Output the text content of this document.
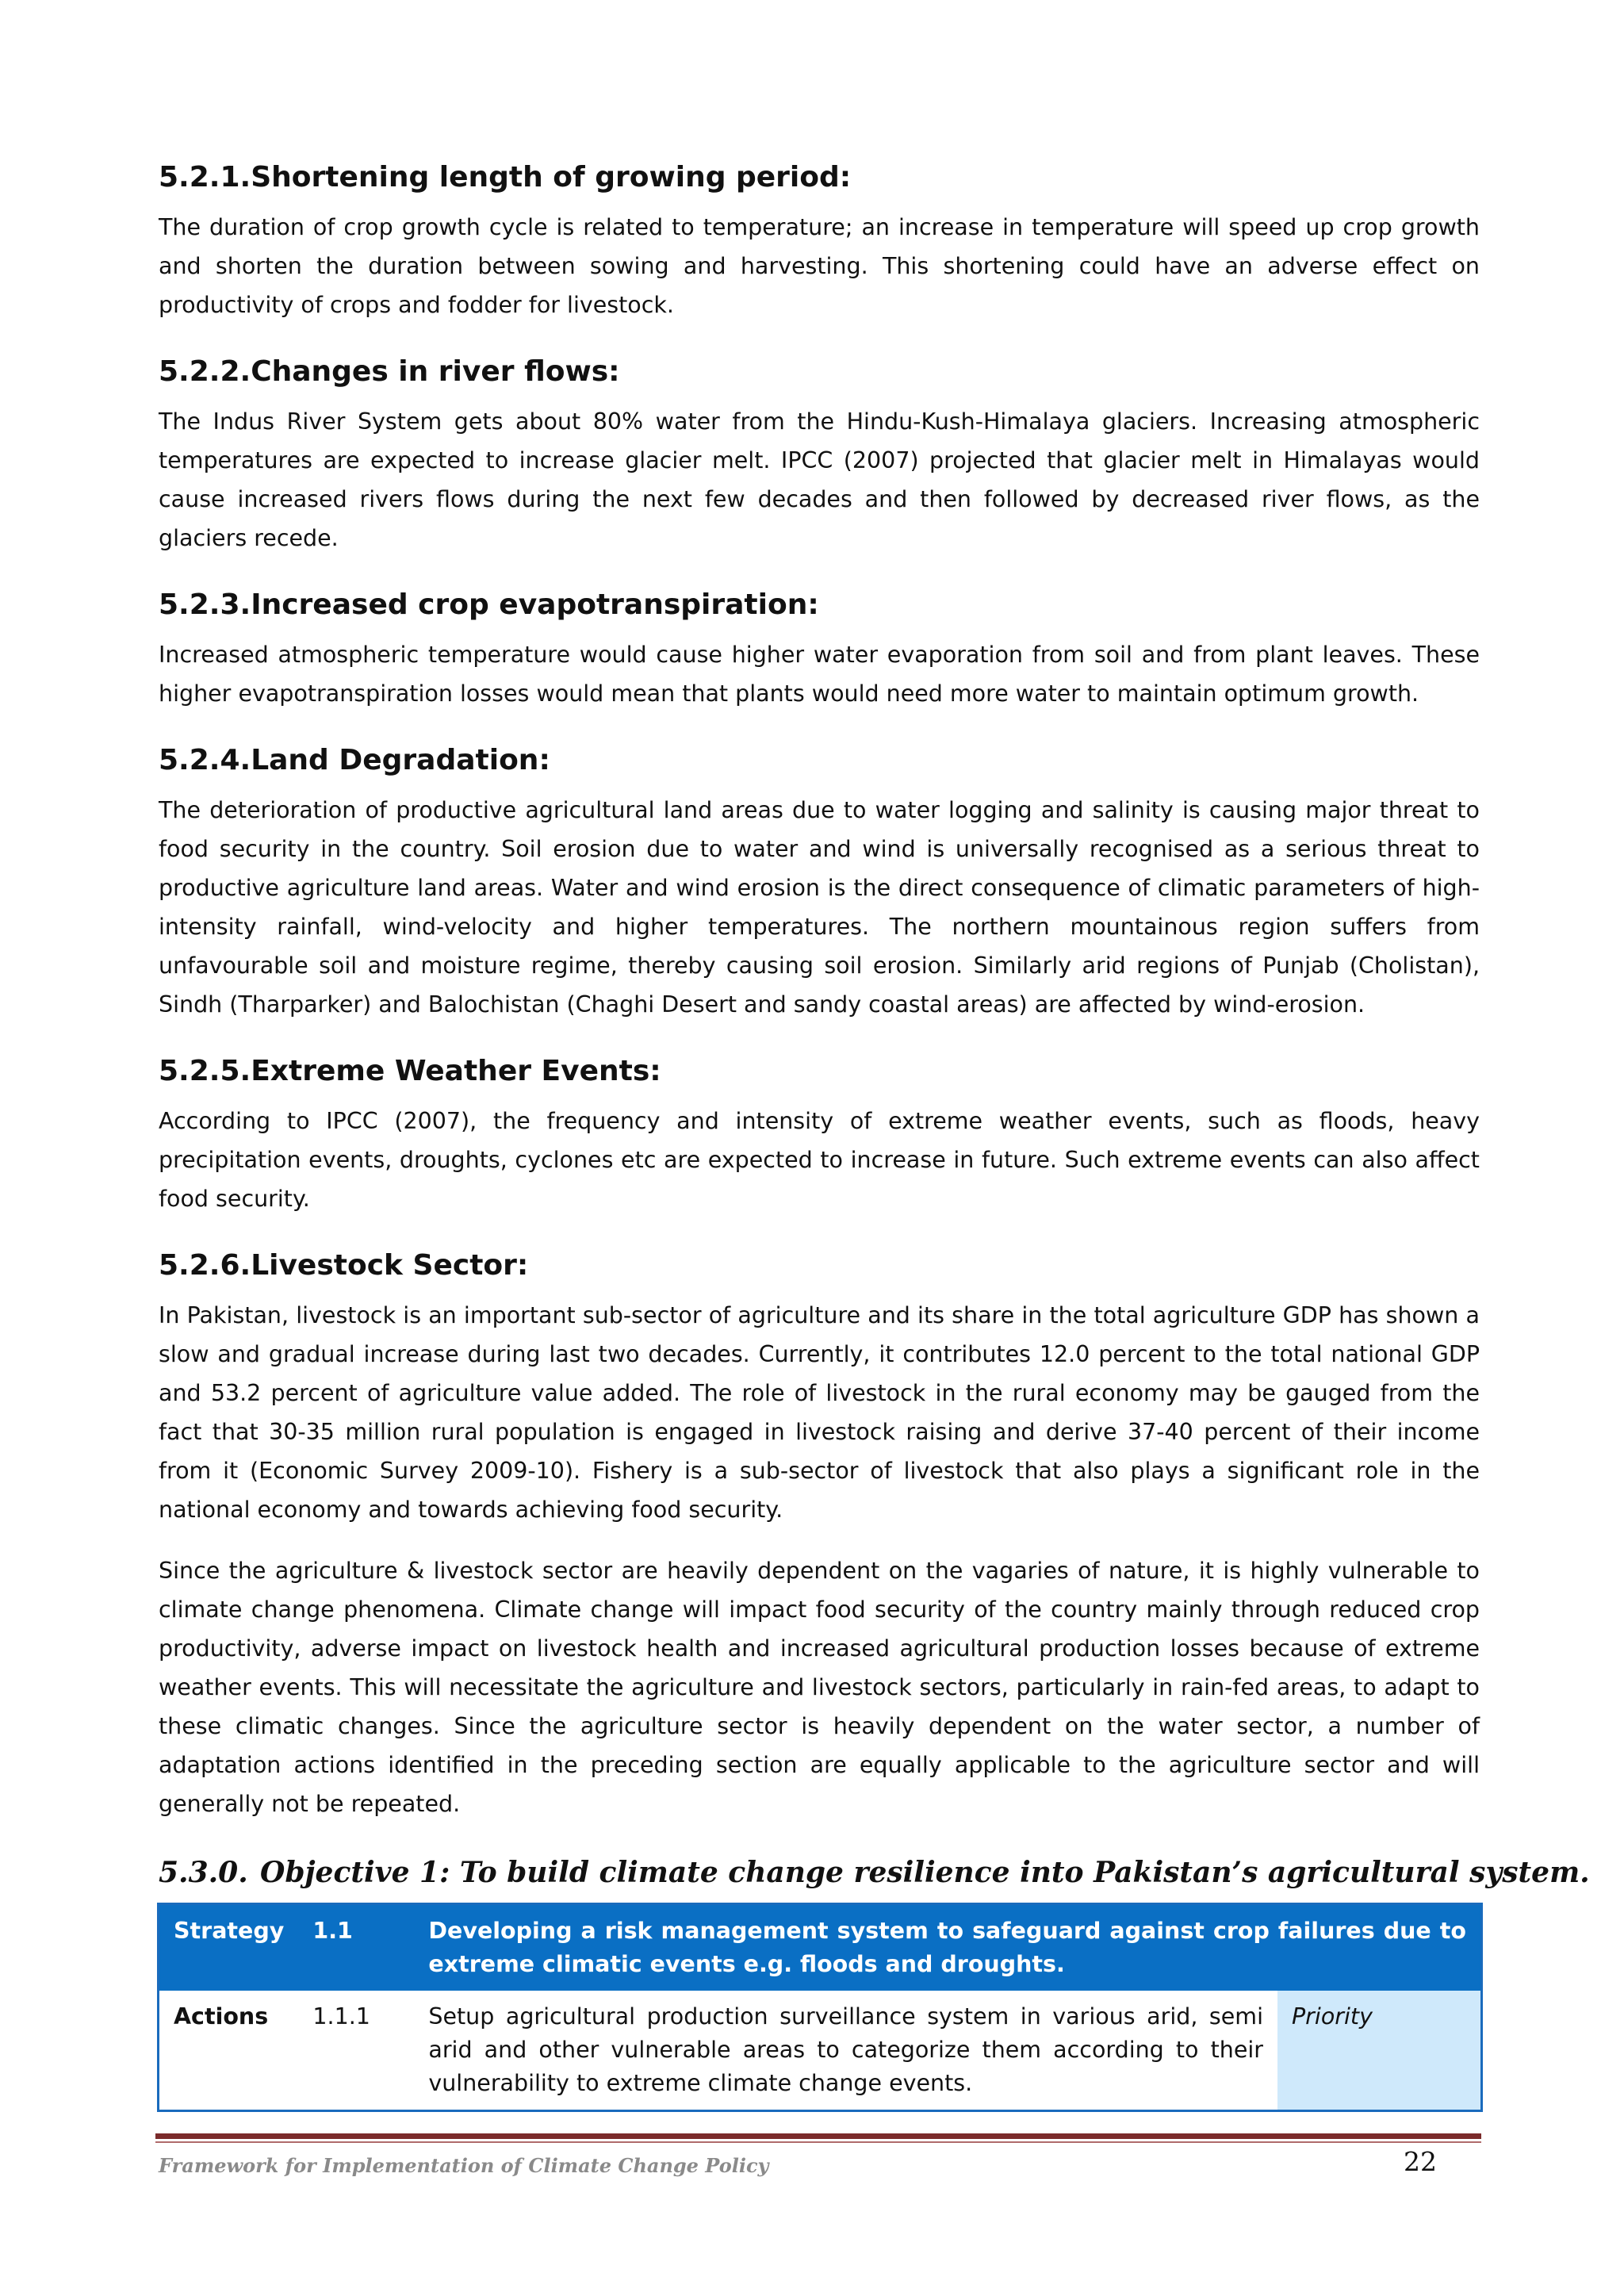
5.2.1.Shortening length of growing period:

The duration of crop growth cycle is related to temperature; an increase in temperature will speed up crop growth and shorten the duration between sowing and harvesting. This shortening could have an adverse effect on productivity of crops and fodder for livestock.

5.2.2.Changes in river flows:

The Indus River System gets about 80% water from the Hindu-Kush-Himalaya glaciers. Increasing atmospheric temperatures are expected to increase glacier melt. IPCC (2007) projected that glacier melt in Himalayas would cause increased rivers flows during the next few decades and then followed by decreased river flows, as the glaciers recede.

5.2.3.Increased crop evapotranspiration:

Increased atmospheric temperature would cause higher water evaporation from soil and from plant leaves. These higher evapotranspiration losses would mean that plants would need more water to maintain optimum growth.

5.2.4.Land Degradation:

The deterioration of productive agricultural land areas due to water logging and salinity is causing major threat to food security in the country. Soil erosion due to water and wind is universally recognised as a serious threat to productive agriculture land areas. Water and wind erosion is the direct consequence of climatic parameters of high-intensity rainfall, wind-velocity and higher temperatures. The northern mountainous region suffers from unfavourable soil and moisture regime, thereby causing soil erosion. Similarly arid regions of Punjab (Cholistan), Sindh (Tharparker) and Balochistan (Chaghi Desert and sandy coastal areas) are affected by wind-erosion.

5.2.5.Extreme Weather Events:

According to IPCC (2007), the frequency and intensity of extreme weather events, such as floods, heavy precipitation events, droughts, cyclones etc are expected to increase in future. Such extreme events can also affect food security.

5.2.6.Livestock Sector:

In Pakistan, livestock is an important sub-sector of agriculture and its share in the total agriculture GDP has shown a slow and gradual increase during last two decades. Currently, it contributes 12.0 percent to the total national GDP and 53.2 percent of agriculture value added. The role of livestock in the rural economy may be gauged from the fact that 30-35 million rural population is engaged in livestock raising and derive 37-40 percent of their income from it (Economic Survey 2009-10). Fishery is a sub-sector of livestock that also plays a significant role in the national economy and towards achieving food security.

Since the agriculture & livestock sector are heavily dependent on the vagaries of nature, it is highly vulnerable to climate change phenomena. Climate change will impact food security of the country mainly through reduced crop productivity, adverse impact on livestock health and increased agricultural production losses because of extreme weather events. This will necessitate the agriculture and livestock sectors, particularly in rain-fed areas, to adapt to these climatic changes. Since the agriculture sector is heavily dependent on the water sector, a number of adaptation actions identified in the preceding section are equally applicable to the agriculture sector and will generally not be repeated.

5.3.0. Objective 1: To build climate change resilience into Pakistan’s agricultural system.
Strategy	1.1	Developing a risk management system to safeguard against crop failures due to extreme climatic events e.g. floods and droughts.	
Actions	1.1.1	Setup agricultural production surveillance system in various arid, semi arid and other vulnerable areas to categorize them according to their vulnerability to extreme climate change events.	Priority
Framework for Implementation of Climate Change Policy	22
